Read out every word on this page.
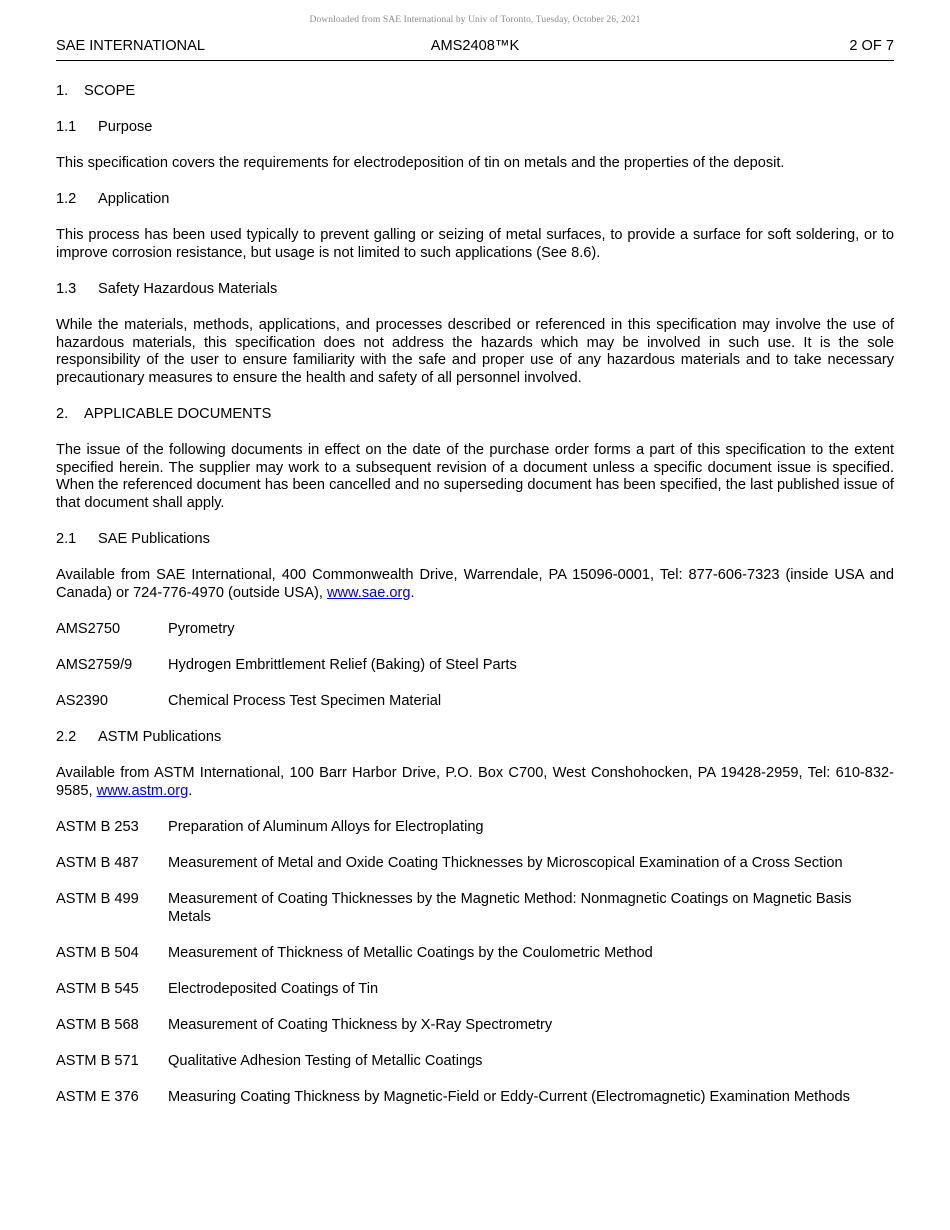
Downloaded from SAE International by Univ of Toronto, Tuesday, October 26, 2021
SAE INTERNATIONAL	AMS2408™K	2 OF 7
1. SCOPE
1.1 Purpose
This specification covers the requirements for electrodeposition of tin on metals and the properties of the deposit.
1.2 Application
This process has been used typically to prevent galling or seizing of metal surfaces, to provide a surface for soft soldering, or to improve corrosion resistance, but usage is not limited to such applications (See 8.6).
1.3 Safety Hazardous Materials
While the materials, methods, applications, and processes described or referenced in this specification may involve the use of hazardous materials, this specification does not address the hazards which may be involved in such use. It is the sole responsibility of the user to ensure familiarity with the safe and proper use of any hazardous materials and to take necessary precautionary measures to ensure the health and safety of all personnel involved.
2. APPLICABLE DOCUMENTS
The issue of the following documents in effect on the date of the purchase order forms a part of this specification to the extent specified herein. The supplier may work to a subsequent revision of a document unless a specific document issue is specified. When the referenced document has been cancelled and no superseding document has been specified, the last published issue of that document shall apply.
2.1 SAE Publications
Available from SAE International, 400 Commonwealth Drive, Warrendale, PA 15096-0001, Tel: 877-606-7323 (inside USA and Canada) or 724-776-4970 (outside USA), www.sae.org.
AMS2750	Pyrometry
AMS2759/9	Hydrogen Embrittlement Relief (Baking) of Steel Parts
AS2390	Chemical Process Test Specimen Material
2.2 ASTM Publications
Available from ASTM International, 100 Barr Harbor Drive, P.O. Box C700, West Conshohocken, PA 19428-2959, Tel: 610-832-9585, www.astm.org.
ASTM B 253	Preparation of Aluminum Alloys for Electroplating
ASTM B 487	Measurement of Metal and Oxide Coating Thicknesses by Microscopical Examination of a Cross Section
ASTM B 499	Measurement of Coating Thicknesses by the Magnetic Method: Nonmagnetic Coatings on Magnetic Basis Metals
ASTM B 504	Measurement of Thickness of Metallic Coatings by the Coulometric Method
ASTM B 545	Electrodeposited Coatings of Tin
ASTM B 568	Measurement of Coating Thickness by X-Ray Spectrometry
ASTM B 571	Qualitative Adhesion Testing of Metallic Coatings
ASTM E 376	Measuring Coating Thickness by Magnetic-Field or Eddy-Current (Electromagnetic) Examination Methods
